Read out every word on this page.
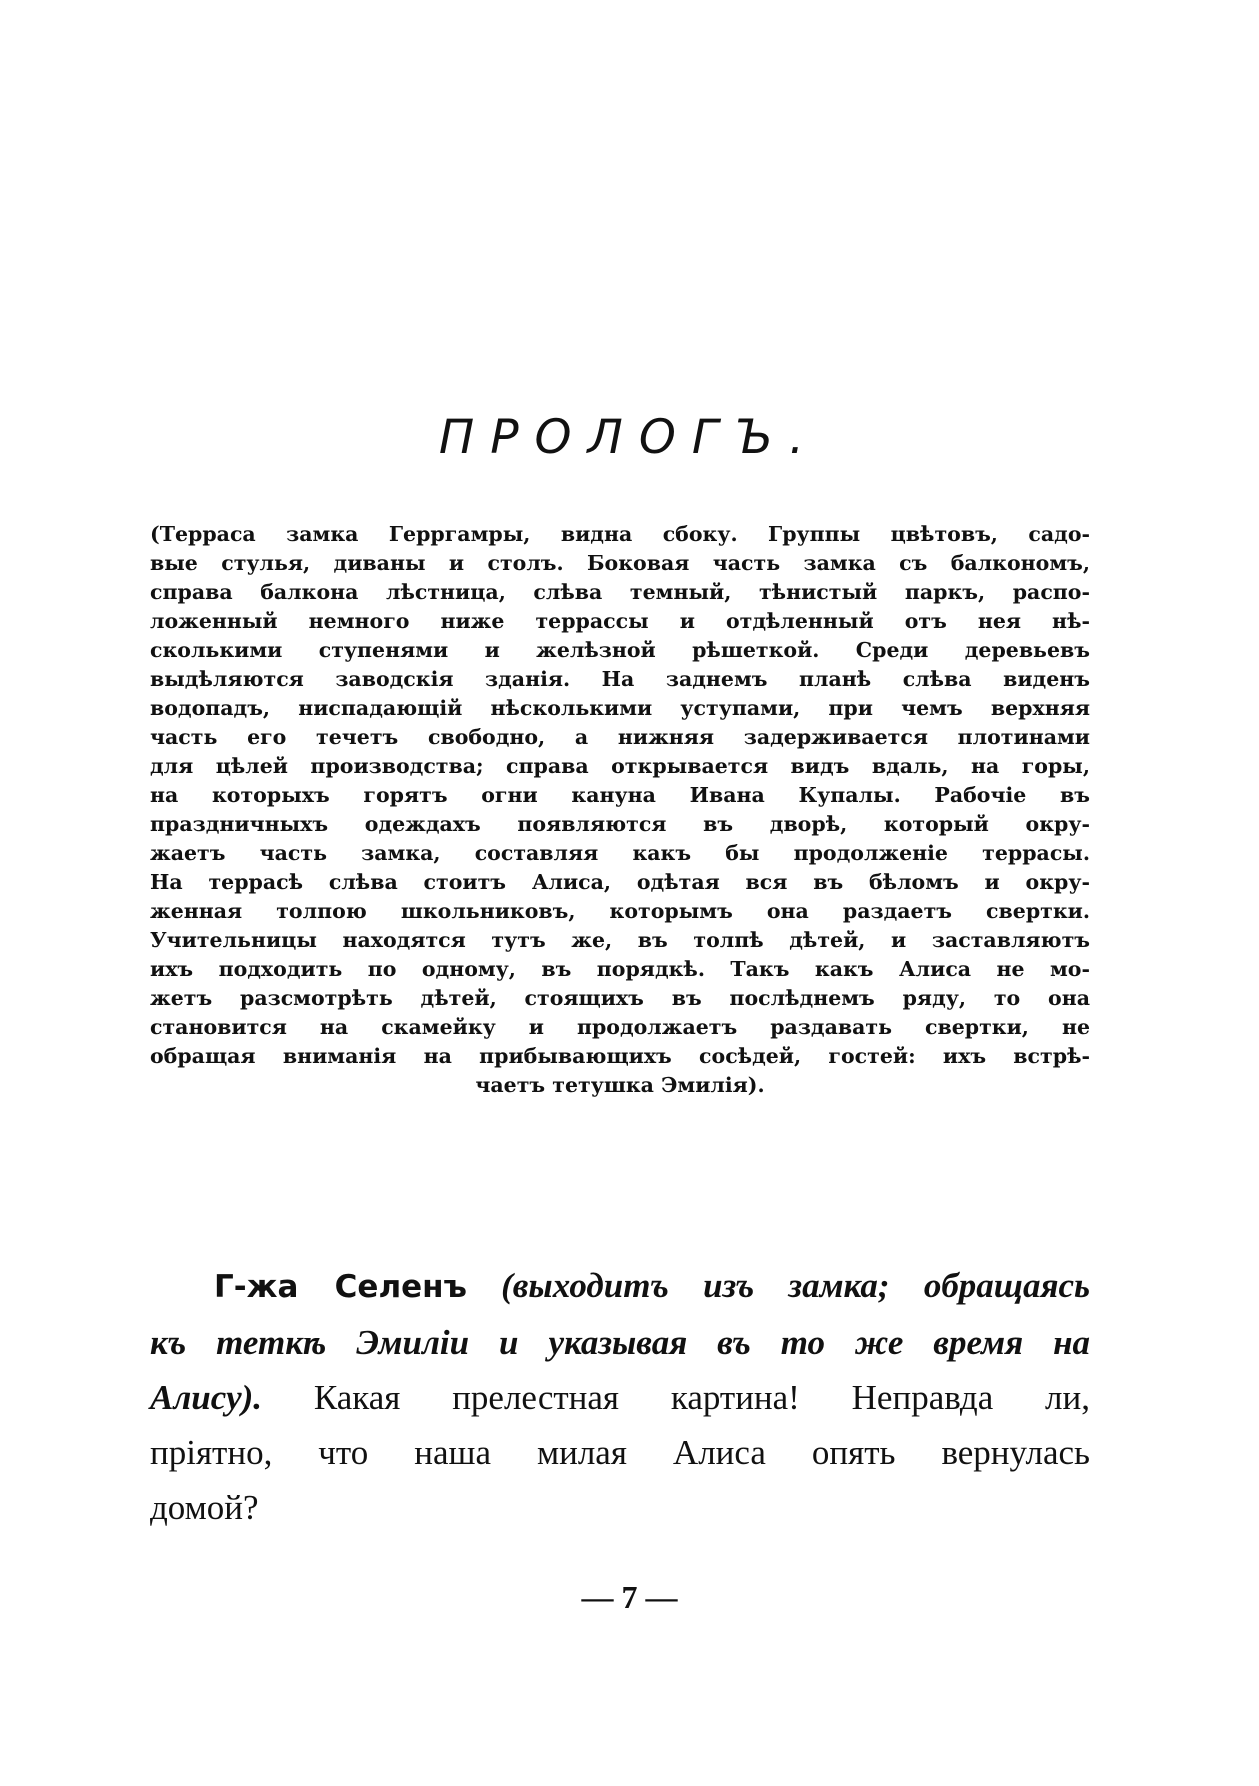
ПРОЛОГЪ.
(Терраса замка Герргамры, видна сбоку. Группы цвѣтовъ, садо-
вые стулья, диваны и столъ. Боковая часть замка съ балкономъ,
справа балкона лѣстница, слѣва темный, тѣнистый паркъ, распо-
ложенный немного ниже террассы и отдѣленный отъ нея нѣ-
сколькими ступенями и желѣзной рѣшеткой. Среди деревьевъ
выдѣляются заводскія зданія. На заднемъ планѣ слѣва виденъ
водопадъ, ниспадающій нѣсколькими уступами, при чемъ верхняя
часть его течетъ свободно, а нижняя задерживается плотинами
для цѣлей производства; справа открывается видъ вдаль, на горы,
на которыхъ горятъ огни кануна Ивана Купалы. Рабочіе въ
праздничныхъ одеждахъ появляются въ дворѣ, который окру-
жаетъ часть замка, составляя какъ бы продолженіе террасы.
На террасѣ слѣва стоитъ Алиса, одѣтая вся въ бѣломъ и окру-
женная толпою школьниковъ, которымъ она раздаетъ свертки.
Учительницы находятся тутъ же, въ толпѣ дѣтей, и заставляютъ
ихъ подходить по одному, въ порядкѣ. Такъ какъ Алиса не мо-
жетъ разсмотрѣть дѣтей, стоящихъ въ послѣднемъ ряду, то она
становится на скамейку и продолжаетъ раздавать свертки, не
обращая вниманія на прибывающихъ сосѣдей, гостей: ихъ встрѣ-
чаетъ тетушка Эмилія).
Г-жа Селенъ (выходитъ изъ замка; обращаясь
къ теткѣ Эмиліи и указывая въ то же время на
Алису). Какая прелестная картина! Неправда ли,
пріятно, что наша милая Алиса опять вернулась
домой?
— 7 —
